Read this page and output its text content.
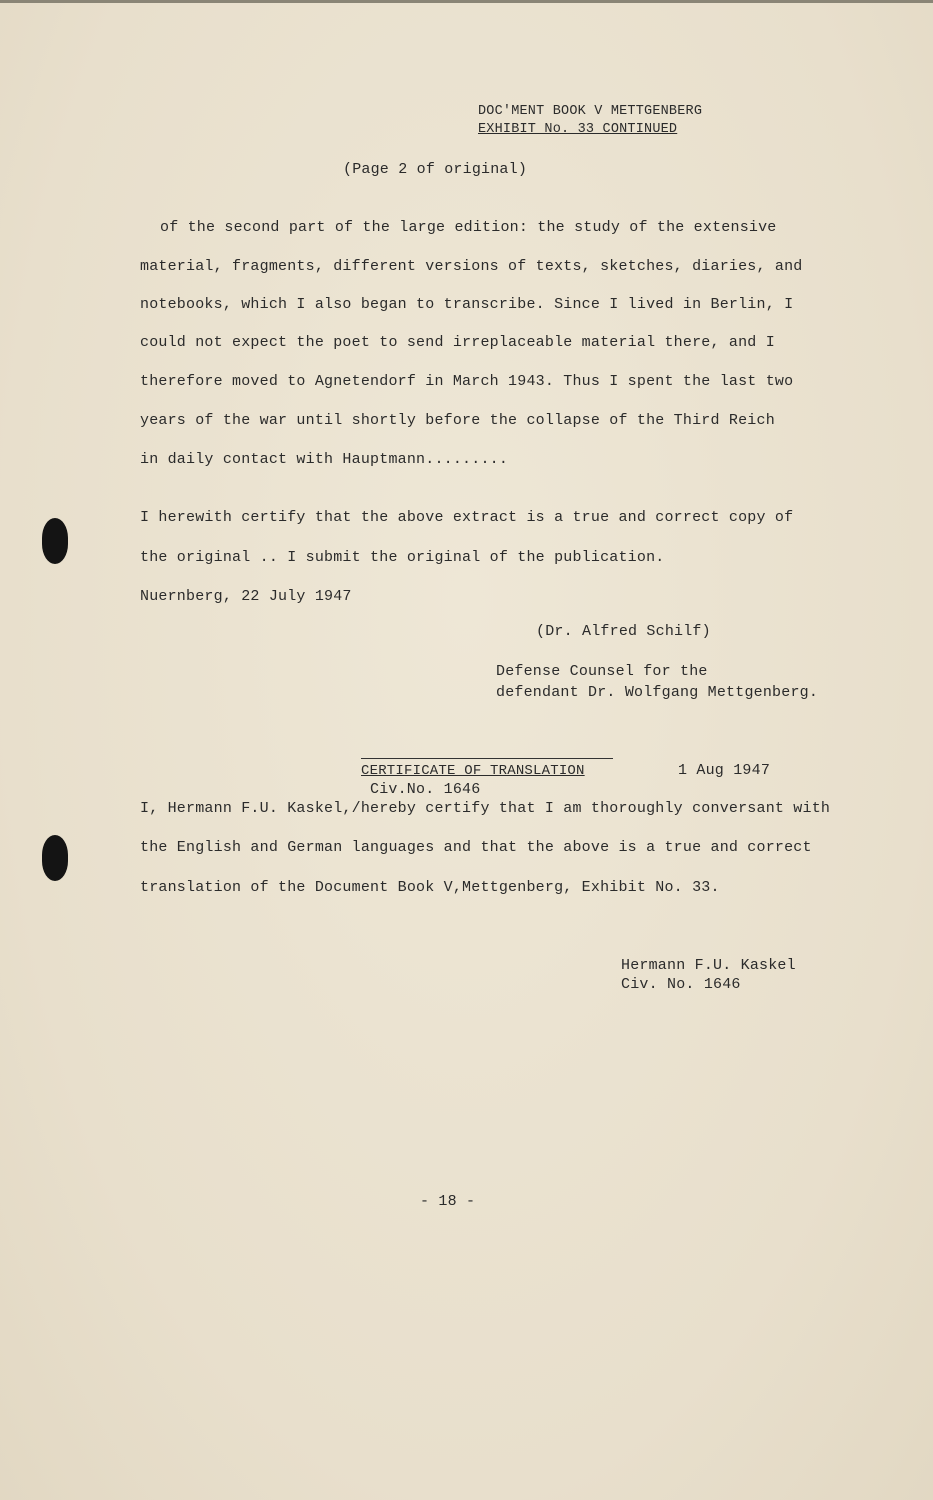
DOC'MENT BOOK V METTGENBERG
EXHIBIT No. 33 CONTINUED
(Page 2 of original)
of the second part of the large edition: the study of the extensive
material, fragments, different versions of texts, sketches, diaries, and
notebooks, which I also began to transcribe. Since I lived in Berlin, I
could not expect the poet to send irreplaceable material there, and I
therefore moved to Agnetendorf in March 1943. Thus I spent the last two
years of the war until shortly before the collapse of the Third Reich
in daily contact with Hauptmann.........
I herewith certify that the above extract is a true and correct copy of
the original .. I submit the original of the publication.
Nuernberg, 22 July 1947
(Dr. Alfred Schilf)
Defense Counsel for the
defendant Dr. Wolfgang Mettgenberg.
CERTIFICATE OF TRANSLATION	1 Aug 1947
Civ.No. 1646
I, Hermann F.U. Kaskel,/hereby certify that I am thoroughly conversant with
the English and German languages and that the above is a true and correct
translation of the Document Book V,Mettgenberg, Exhibit No. 33.
Hermann F.U. Kaskel
Civ. No. 1646
- 18 -
